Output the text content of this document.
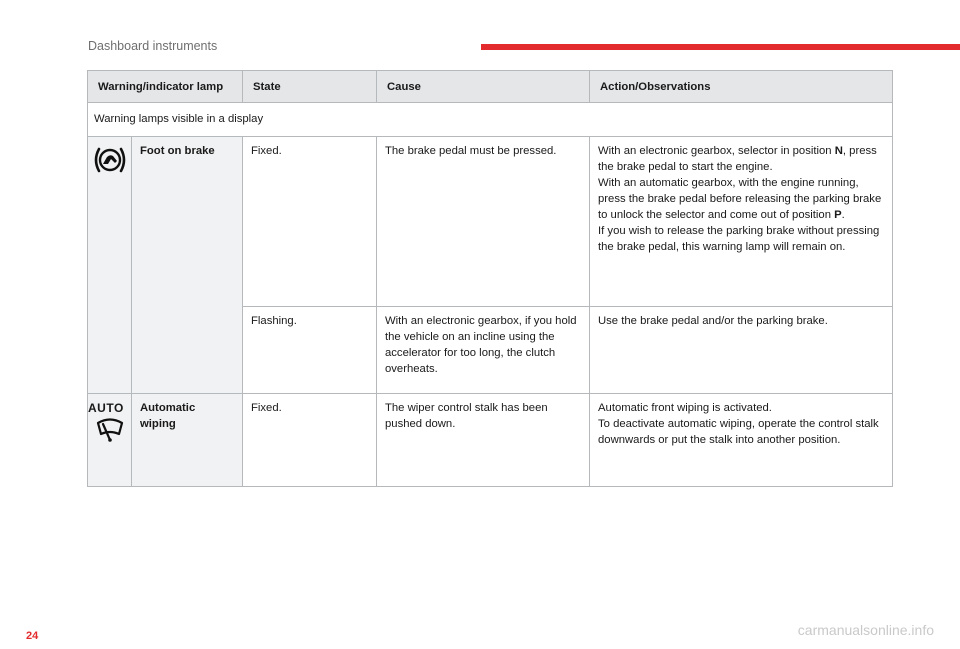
Dashboard instruments
Warning/indicator lamp		State	Cause	Action/Observations
Warning lamps visible in a display				

	Foot on brake	Fixed.	The brake pedal must be pressed.	With an electronic gearbox, selector in position N, press the brake pedal to start the engine.
With an automatic gearbox, with the engine running, press the brake pedal before releasing the parking brake to unlock the selector and come out of position P.
If you wish to release the parking brake without pressing the brake pedal, this warning lamp will remain on.

		Flashing.	With an electronic gearbox, if you hold the vehicle on an incline using the accelerator for too long, the clutch overheats.	Use the brake pedal and/or the parking brake.

AUTO	Automatic wiping	Fixed.	The wiper control stalk has been pushed down.	Automatic front wiping is activated.
To deactivate automatic wiping, operate the control stalk downwards or put the stalk into another position.
24	carmanualsonline.info
